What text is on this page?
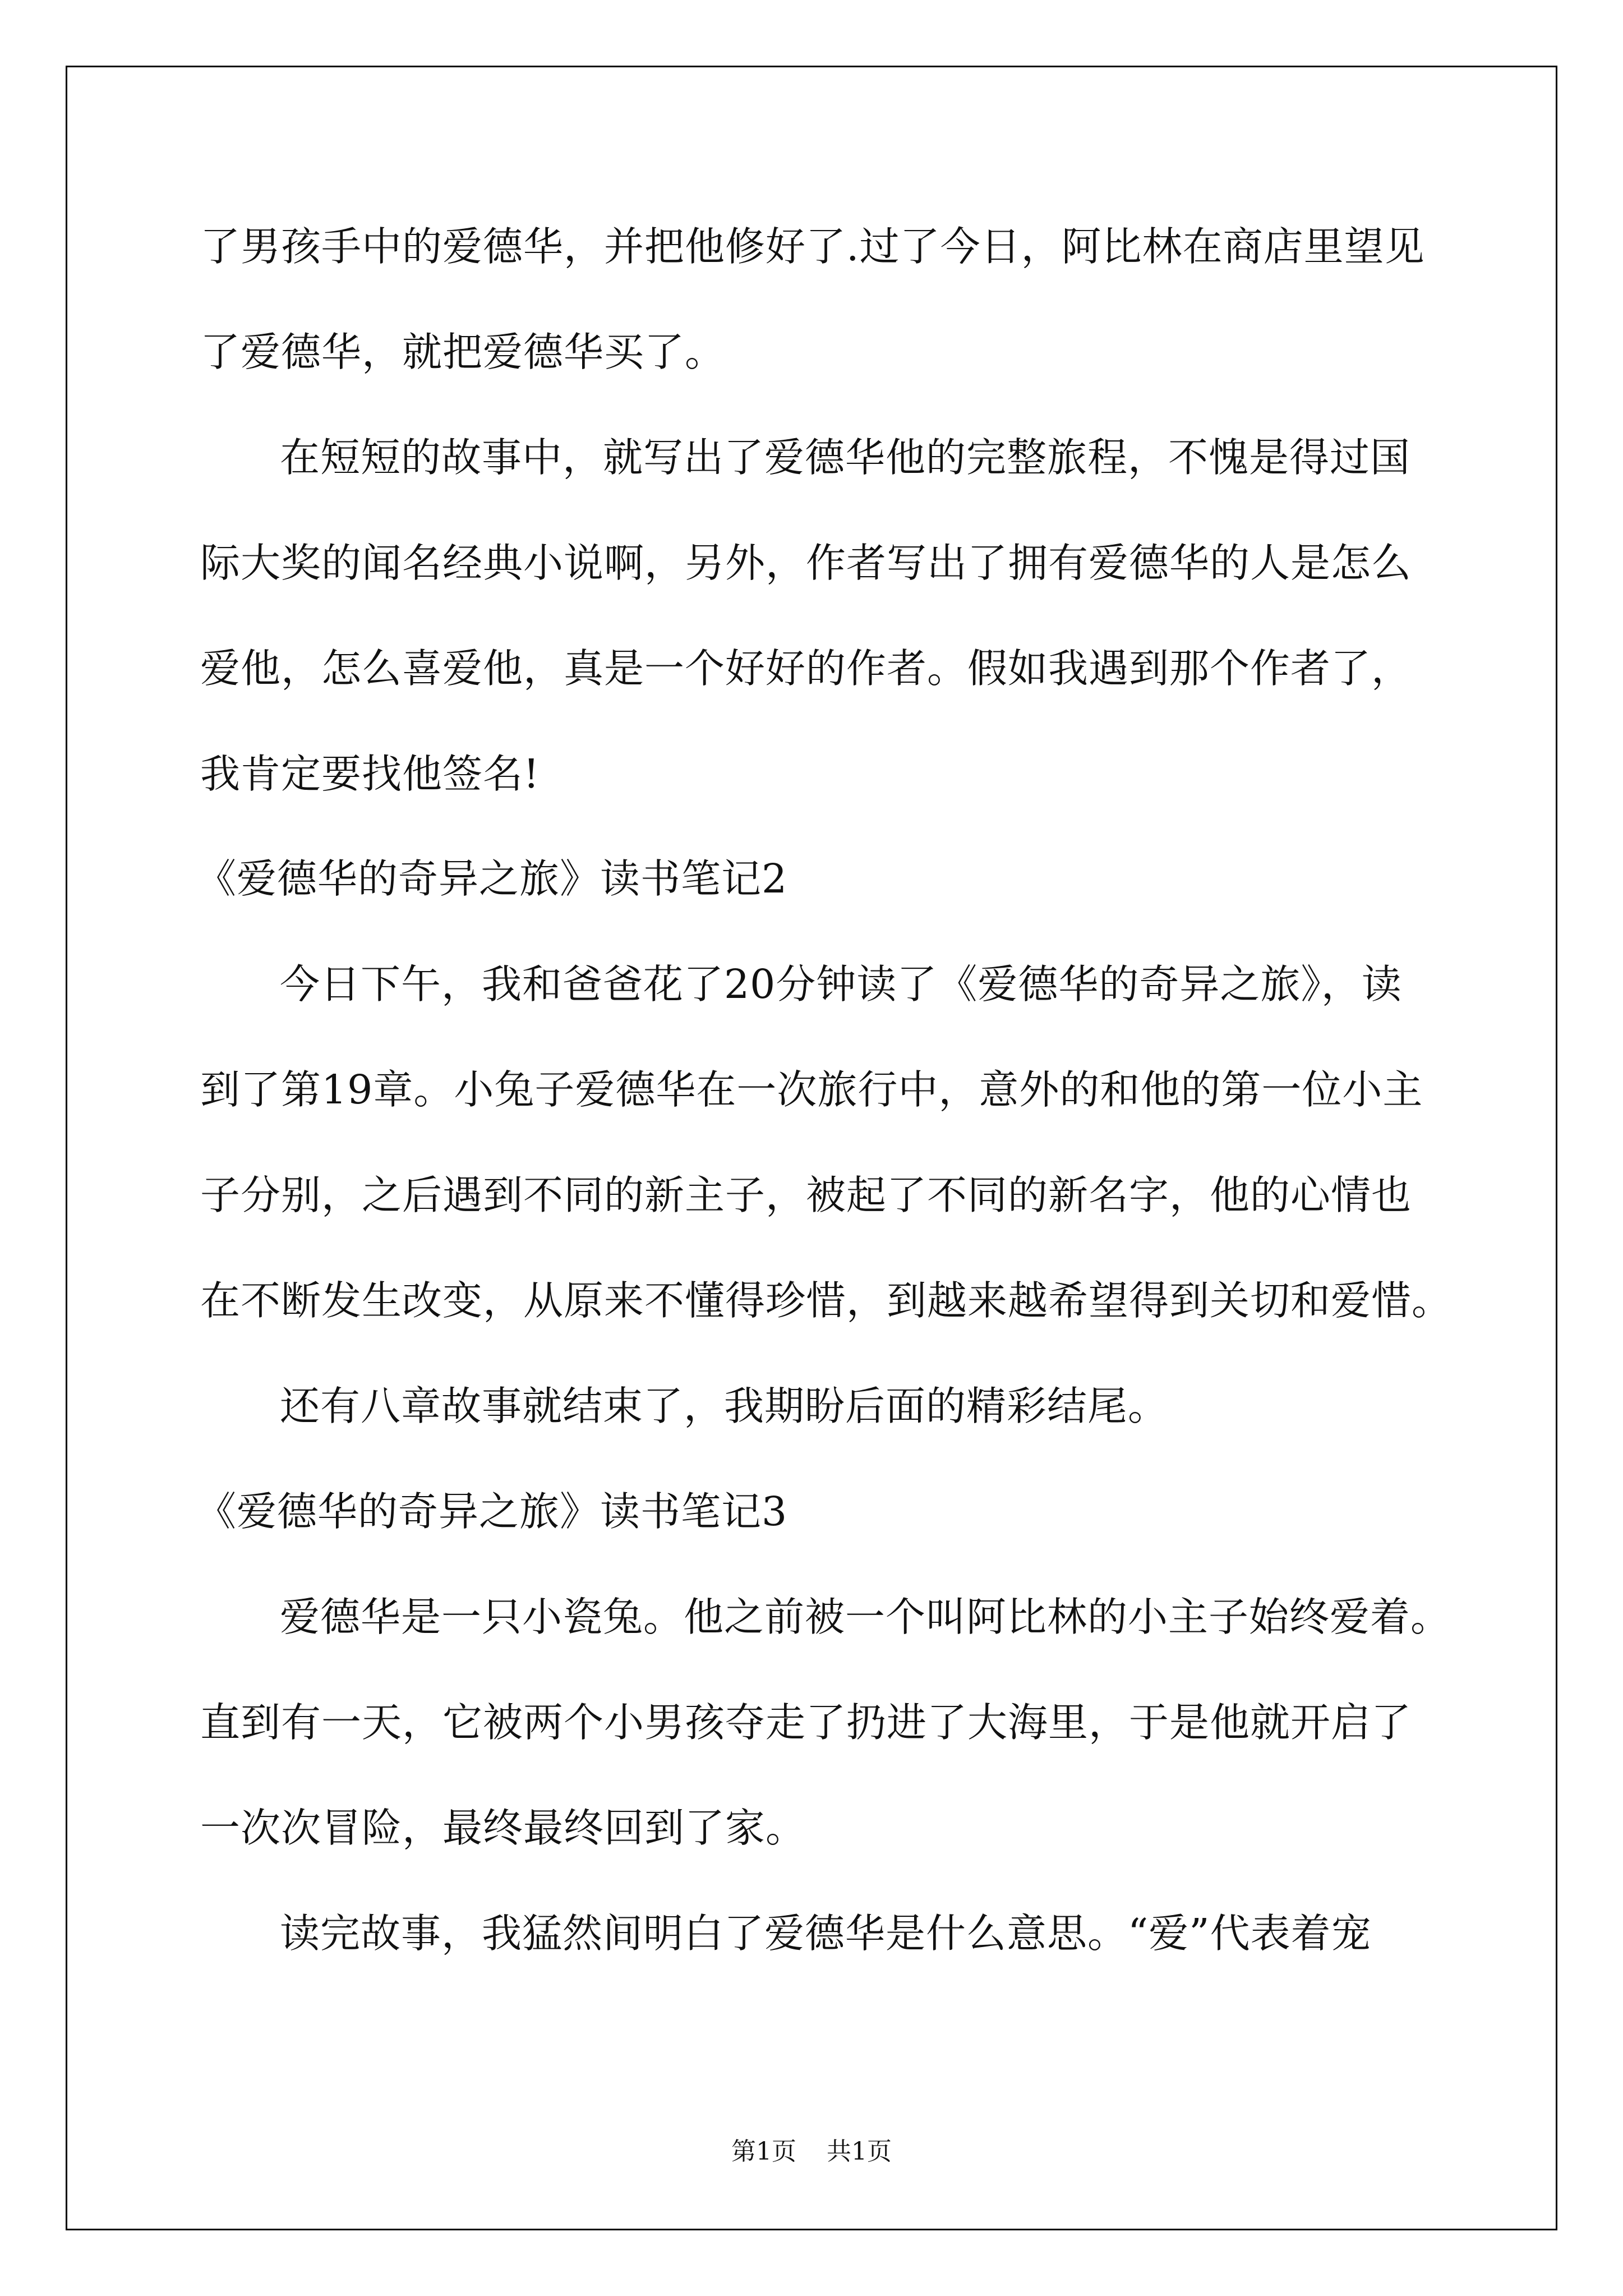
了男孩手中的爱德华，并把他修好了.过了今日，阿比林在商店里望见
了爱德华，就把爱德华买了。
在短短的故事中，就写出了爱德华他的完整旅程，不愧是得过国
际大奖的闻名经典小说啊，另外，作者写出了拥有爱德华的人是怎么
爱他，怎么喜爱他，真是一个好好的作者。假如我遇到那个作者了，
我肯定要找他签名!
《爱德华的奇异之旅》读书笔记2
今日下午，我和爸爸花了20分钟读了《爱德华的奇异之旅》，读
到了第19章。小兔子爱德华在一次旅行中，意外的和他的第一位小主
子分别，之后遇到不同的新主子，被起了不同的新名字，他的心情也
在不断发生改变，从原来不懂得珍惜，到越来越希望得到关切和爱惜。
还有八章故事就结束了，我期盼后面的精彩结尾。
《爱德华的奇异之旅》读书笔记3
爱德华是一只小瓷兔。他之前被一个叫阿比林的小主子始终爱着。
直到有一天，它被两个小男孩夺走了扔进了大海里，于是他就开启了
一次次冒险，最终最终回到了家。
读完故事，我猛然间明白了爱德华是什么意思。“爱”代表着宠
第1页 共1页
